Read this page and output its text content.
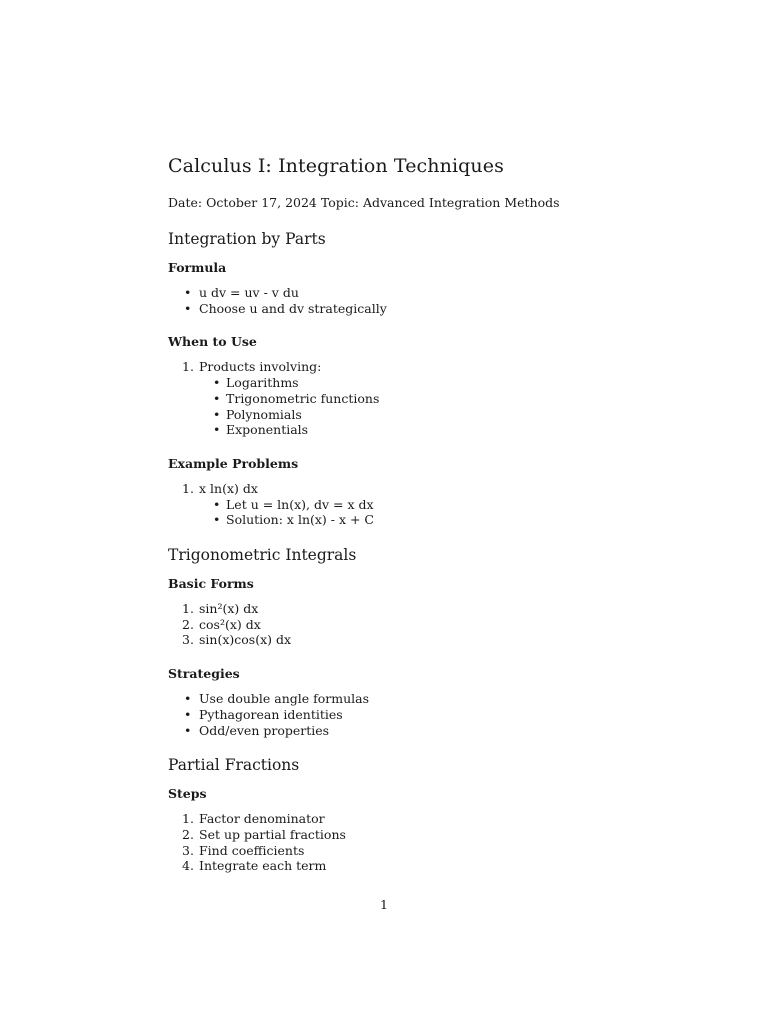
Calculus I: Integration Techniques
Date: October 17, 2024 Topic: Advanced Integration Methods
Integration by Parts
Formula
• u dv = uv - v du
• Choose u and dv strategically
When to Use
1. Products involving:
• Logarithms
• Trigonometric functions
• Polynomials
• Exponentials
Example Problems
1. x ln(x) dx
• Let u = ln(x), dv = x dx
• Solution: x ln(x) - x + C
Trigonometric Integrals
Basic Forms
1. sin²(x) dx
2. cos²(x) dx
3. sin(x)cos(x) dx
Strategies
• Use double angle formulas
• Pythagorean identities
• Odd/even properties
Partial Fractions
Steps
1. Factor denominator
2. Set up partial fractions
3. Find coefficients
4. Integrate each term
1
